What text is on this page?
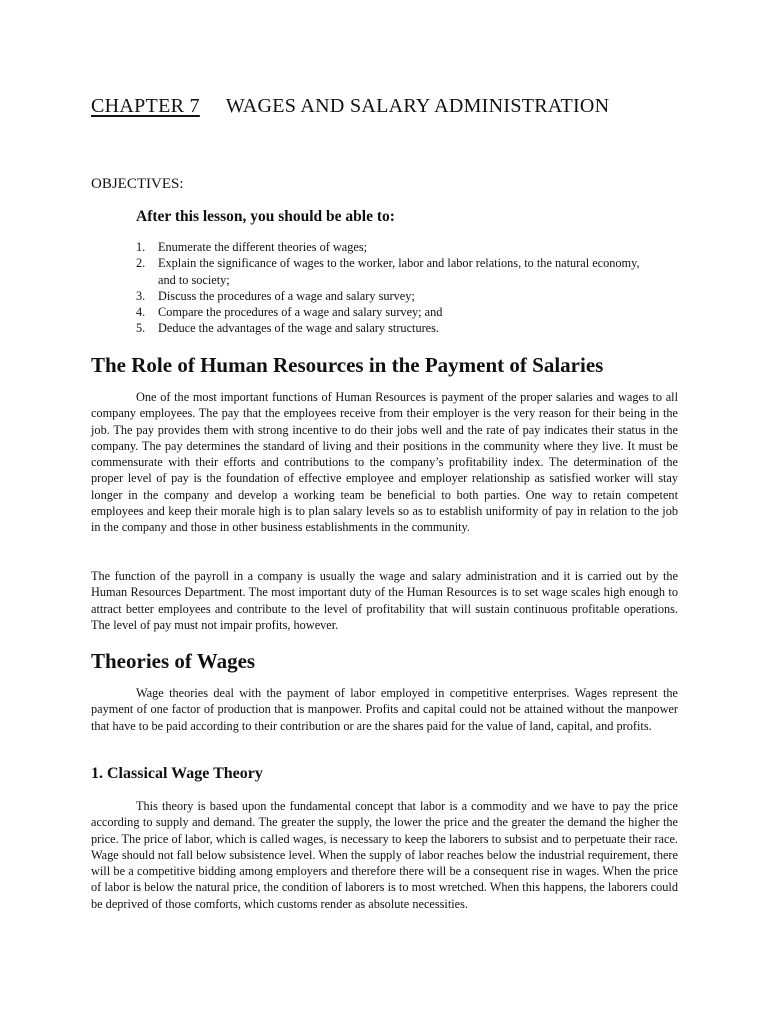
CHAPTER 7 WAGES AND SALARY ADMINISTRATION
OBJECTIVES:
After this lesson, you should be able to:
1. Enumerate the different theories of wages;
2. Explain the significance of wages to the worker, labor and labor relations, to the natural economy, and to society;
3. Discuss the procedures of a wage and salary survey;
4. Compare the procedures of a wage and salary survey; and
5. Deduce the advantages of the wage and salary structures.
The Role of Human Resources in the Payment of Salaries

One of the most important functions of Human Resources is payment of the proper salaries and wages to all company employees. The pay that the employees receive from their employer is the very reason for their being in the job. The pay provides them with strong incentive to do their jobs well and the rate of pay indicates their status in the company. The pay determines the standard of living and their positions in the community where they live. It must be commensurate with their efforts and contributions to the company’s profitability index. The determination of the proper level of pay is the foundation of effective employee and employer relationship as satisfied worker will stay longer in the company and develop a working team be beneficial to both parties. One way to retain competent employees and keep their morale high is to plan salary levels so as to establish uniformity of pay in relation to the job in the company and those in other business establishments in the community.

The function of the payroll in a company is usually the wage and salary administration and it is carried out by the Human Resources Department. The most important duty of the Human Resources is to set wage scales high enough to attract better employees and contribute to the level of profitability that will sustain continuous profitable operations. The level of pay must not impair profits, however.

Theories of Wages

Wage theories deal with the payment of labor employed in competitive enterprises. Wages represent the payment of one factor of production that is manpower. Profits and capital could not be attained without the manpower that have to be paid according to their contribution or are the shares paid for the value of land, capital, and profits.

1. Classical Wage Theory

This theory is based upon the fundamental concept that labor is a commodity and we have to pay the price according to supply and demand. The greater the supply, the lower the price and the greater the demand the higher the price. The price of labor, which is called wages, is necessary to keep the laborers to subsist and to perpetuate their race. Wage should not fall below subsistence level. When the supply of labor reaches below the industrial requirement, there will be a competitive bidding among employers and therefore there will be a consequent rise in wages. When the price of labor is below the natural price, the condition of laborers is to most wretched. When this happens, the laborers could be deprived of those comforts, which customs render as absolute necessities.
